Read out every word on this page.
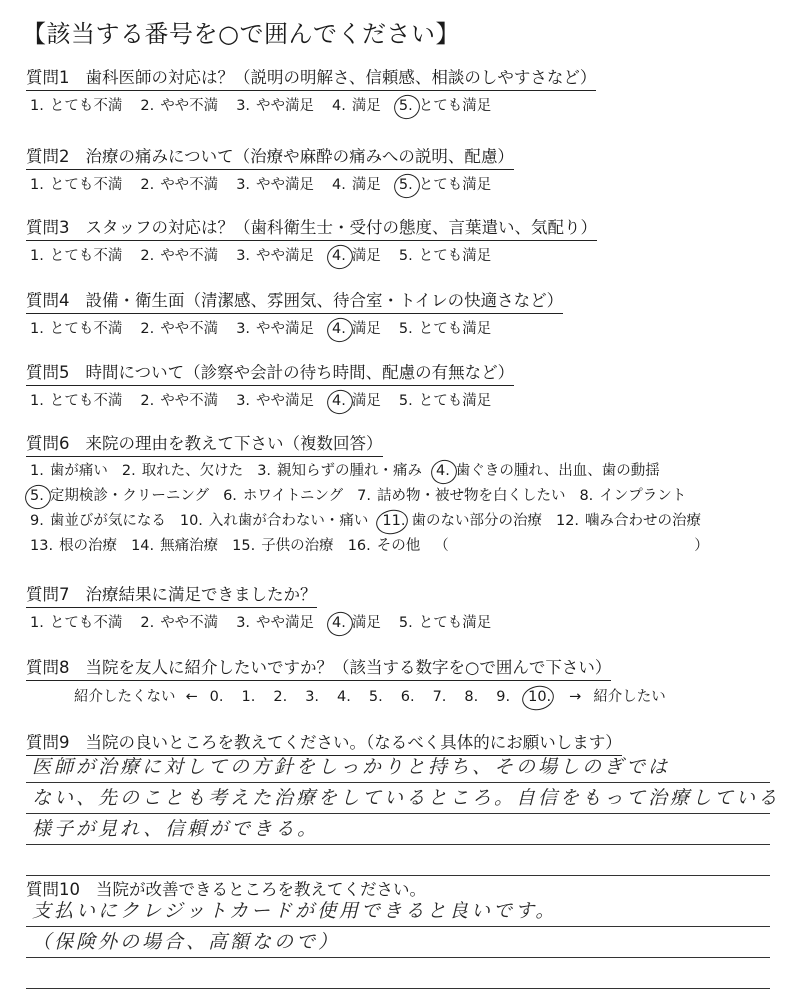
【該当する番号を○で囲んでください】
質問1 歯科医師の対応は？（説明の明解さ、信頼感、相談のしやすさなど）
1. とても不満 2. やや不満 3. やや満足 4. 満足 5. とても満足
質問2 治療の痛みについて（治療や麻酔の痛みへの説明、配慮）
1. とても不満 2. やや不満 3. やや満足 4. 満足 5. とても満足
質問3 スタッフの対応は？（歯科衛生士・受付の態度、言葉遣い、気配り）
1. とても不満 2. やや不満 3. やや満足 4. 満足 5. とても満足
質問4 設備・衛生面（清潔感、雰囲気、待合室・トイレの快適さなど）
1. とても不満 2. やや不満 3. やや満足 4. 満足 5. とても満足
質問5 時間について（診察や会計の待ち時間、配慮の有無など）
1. とても不満 2. やや不満 3. やや満足 4. 満足 5. とても満足
質問6 来院の理由を教えて下さい（複数回答）
1. 歯が痛い 2. 取れた、欠けた 3. 親知らずの腫れ・痛み 4. 歯ぐきの腫れ、出血、歯の動揺
5. 定期検診・クリーニング 6. ホワイトニング 7. 詰め物・被せ物を白くしたい 8. インプラント
9. 歯並びが気になる 10. 入れ歯が合わない・痛い 11. 歯のない部分の治療 12. 噛み合わせの治療
13. 根の治療 14. 無痛治療 15. 子供の治療 16. その他 （	）
質問7 治療結果に満足できましたか？
1. とても不満 2. やや不満 3. やや満足 4. 満足 5. とても満足
質問8 当院を友人に紹介したいですか？（該当する数字を○で囲んで下さい）
紹介したくない ← 0. 1. 2. 3. 4. 5. 6. 7. 8. 9. 10. → 紹介したい
質問9 当院の良いところを教えてください。（なるべく具体的にお願いします）
医師が治療に対しての方針をしっかりと持ち、その場しのぎでは
ない、先のことも考えた治療をしているところ。自信をもって治療している
様子が見れ、信頼ができる。
質問10 当院が改善できるところを教えてください。
支払いにクレジットカードが使用できると良いです。
（保険外の場合、高額なので）
